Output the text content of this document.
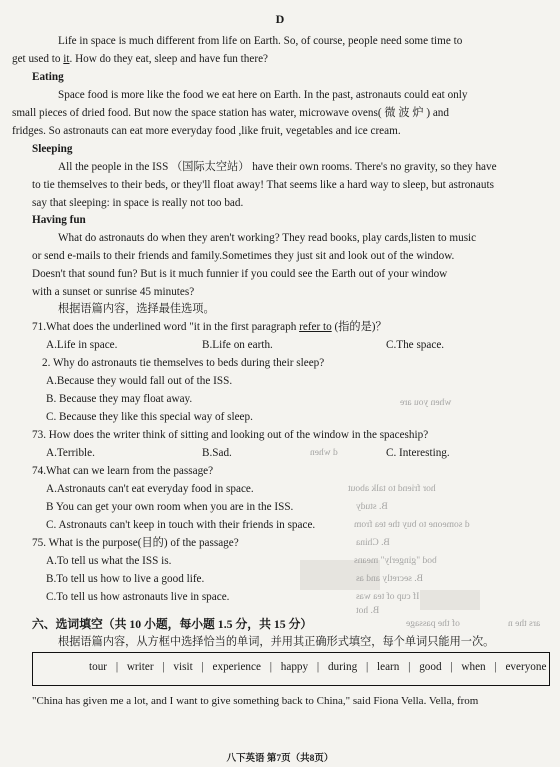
D
Life in space is much different from life on Earth. So, of course, people need some time to
get used to it. How do they eat, sleep and have fun there?
Eating
Space food is more like the food we eat here on Earth. In the past, astronauts could eat only
small pieces of dried food. But now the space station has water, microwave ovens( 微 波 炉 ) and
fridges. So astronauts can eat more everyday food ,like fruit, vegetables and ice cream.
Sleeping
All the people in the ISS （国际太空站） have their own rooms. There's no gravity, so they have
to tie themselves to their beds, or they'll float away! That seems like a hard way to sleep, but astronauts
say that sleeping: in space is really not too bad.
Having fun
What do astronauts do when they aren't working? They read books, play cards,listen to music
or send e-mails to their friends and family.Sometimes they just sit and look out of the window.
Doesn't that sound fun? But is it much funnier if you could see the Earth out of your window
with a sunset or sunrise 45 minutes?
根据语篇内容，选择最佳选项。
71.What does the underlined word "it in the first paragraph refer to (指的是)？
A.Life in space.	B.Life on earth.	C.The space.
2. Why do astronauts tie themselves to beds during their sleep?
A.Because they would fall out of the ISS.
B. Because they may float away.
C. Because they like this special way of sleep.
73. How does the writer think of sitting and looking out of the window in the spaceship?
A.Terrible.	B.Sad.	C. Interesting.
74.What can we learn from the passage?
A.Astronauts can't eat everyday food in space.
B You can get your own room when you are in the ISS.
C. Astronauts can't keep in touch with their friends in space.
75. What is the purpose(目的) of the passage?
A.To tell us what the ISS is.
B.To tell us how to live a good life.
C.To tell us how astronauts live in space.
when you are
d when
hor friend to talk about
B. study
d someone to buy the tea from
B. China
bod "gingerly" means
B. secretly and as
If cup of tea was
B. hot
六、选词填空（共 10 小题，每小题 1.5 分，共 15 分）	of the passage	ars the n
根据语篇内容，从方框中选择恰当的单词，并用其正确形式填空，每个单词只能用一次。
tour | writer | visit | experience | happy | during | learn | good | when | everyone
"China has given me a lot, and I want to give something back to China," said Fiona Vella. Vella, from
八下英语 第7页（共8页）
